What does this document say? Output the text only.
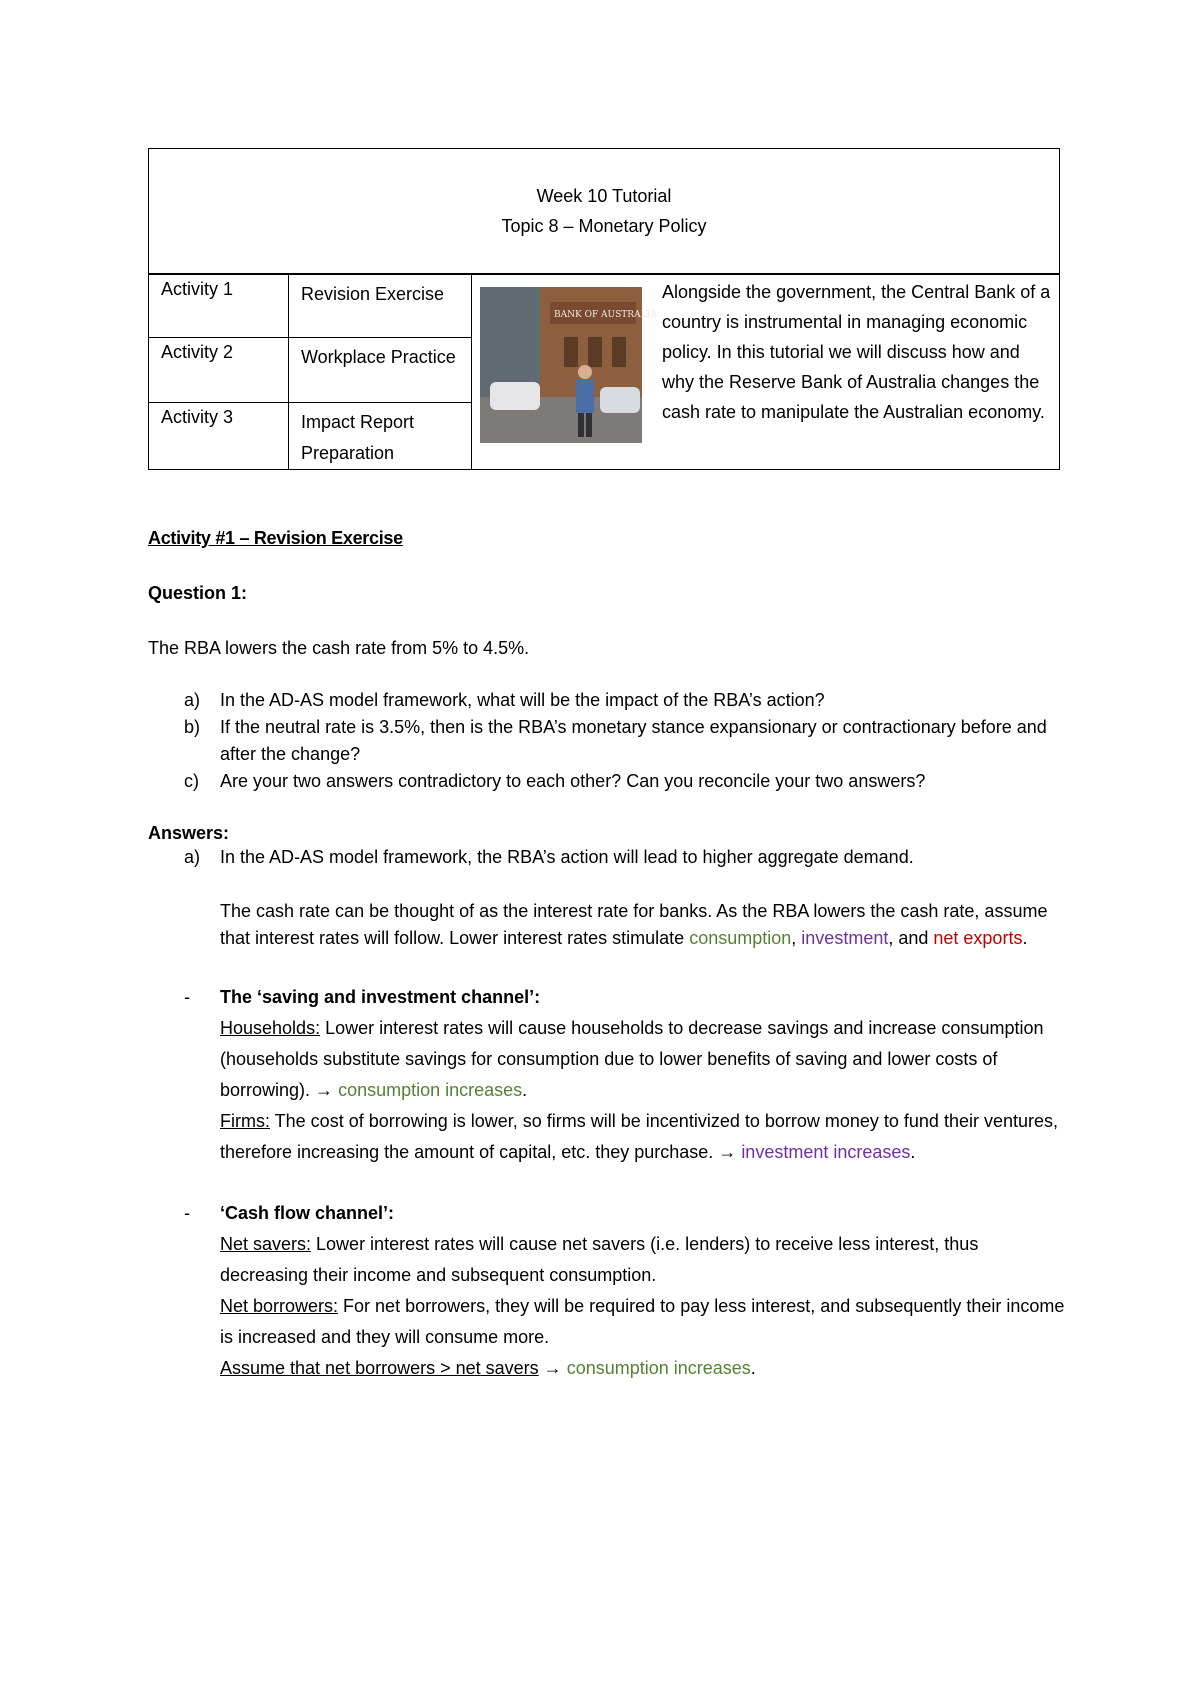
Week 10 Tutorial
Topic 8 – Monetary Policy			

Activity 1	Revision Exercise	BANK OF AUSTRALIA	Alongside the government, the Central Bank of a country is instrumental in managing economic policy. In this tutorial we will discuss how and why the Reserve Bank of Australia changes the cash rate to manipulate the Australian economy.
Activity 2	Workplace Practice		
Activity 3	Impact Report Preparation		
Activity #1 – Revision Exercise
Question 1:
The RBA lowers the cash rate from 5% to 4.5%.
a) In the AD-AS model framework, what will be the impact of the RBA’s action?
b) If the neutral rate is 3.5%, then is the RBA’s monetary stance expansionary or contractionary before and after the change?
c) Are your two answers contradictory to each other? Can you reconcile your two answers?
Answers:
a) In the AD-AS model framework, the RBA’s action will lead to higher aggregate demand.
The cash rate can be thought of as the interest rate for banks. As the RBA lowers the cash rate, assume that interest rates will follow. Lower interest rates stimulate consumption, investment, and net exports.
- The ‘saving and investment channel’:
Households: Lower interest rates will cause households to decrease savings and increase consumption (households substitute savings for consumption due to lower benefits of saving and lower costs of borrowing). → consumption increases.
Firms: The cost of borrowing is lower, so firms will be incentivized to borrow money to fund their ventures, therefore increasing the amount of capital, etc. they purchase. → investment increases.
- ‘Cash flow channel’:
Net savers: Lower interest rates will cause net savers (i.e. lenders) to receive less interest, thus decreasing their income and subsequent consumption.
Net borrowers: For net borrowers, they will be required to pay less interest, and subsequently their income is increased and they will consume more.
Assume that net borrowers > net savers → consumption increases.
